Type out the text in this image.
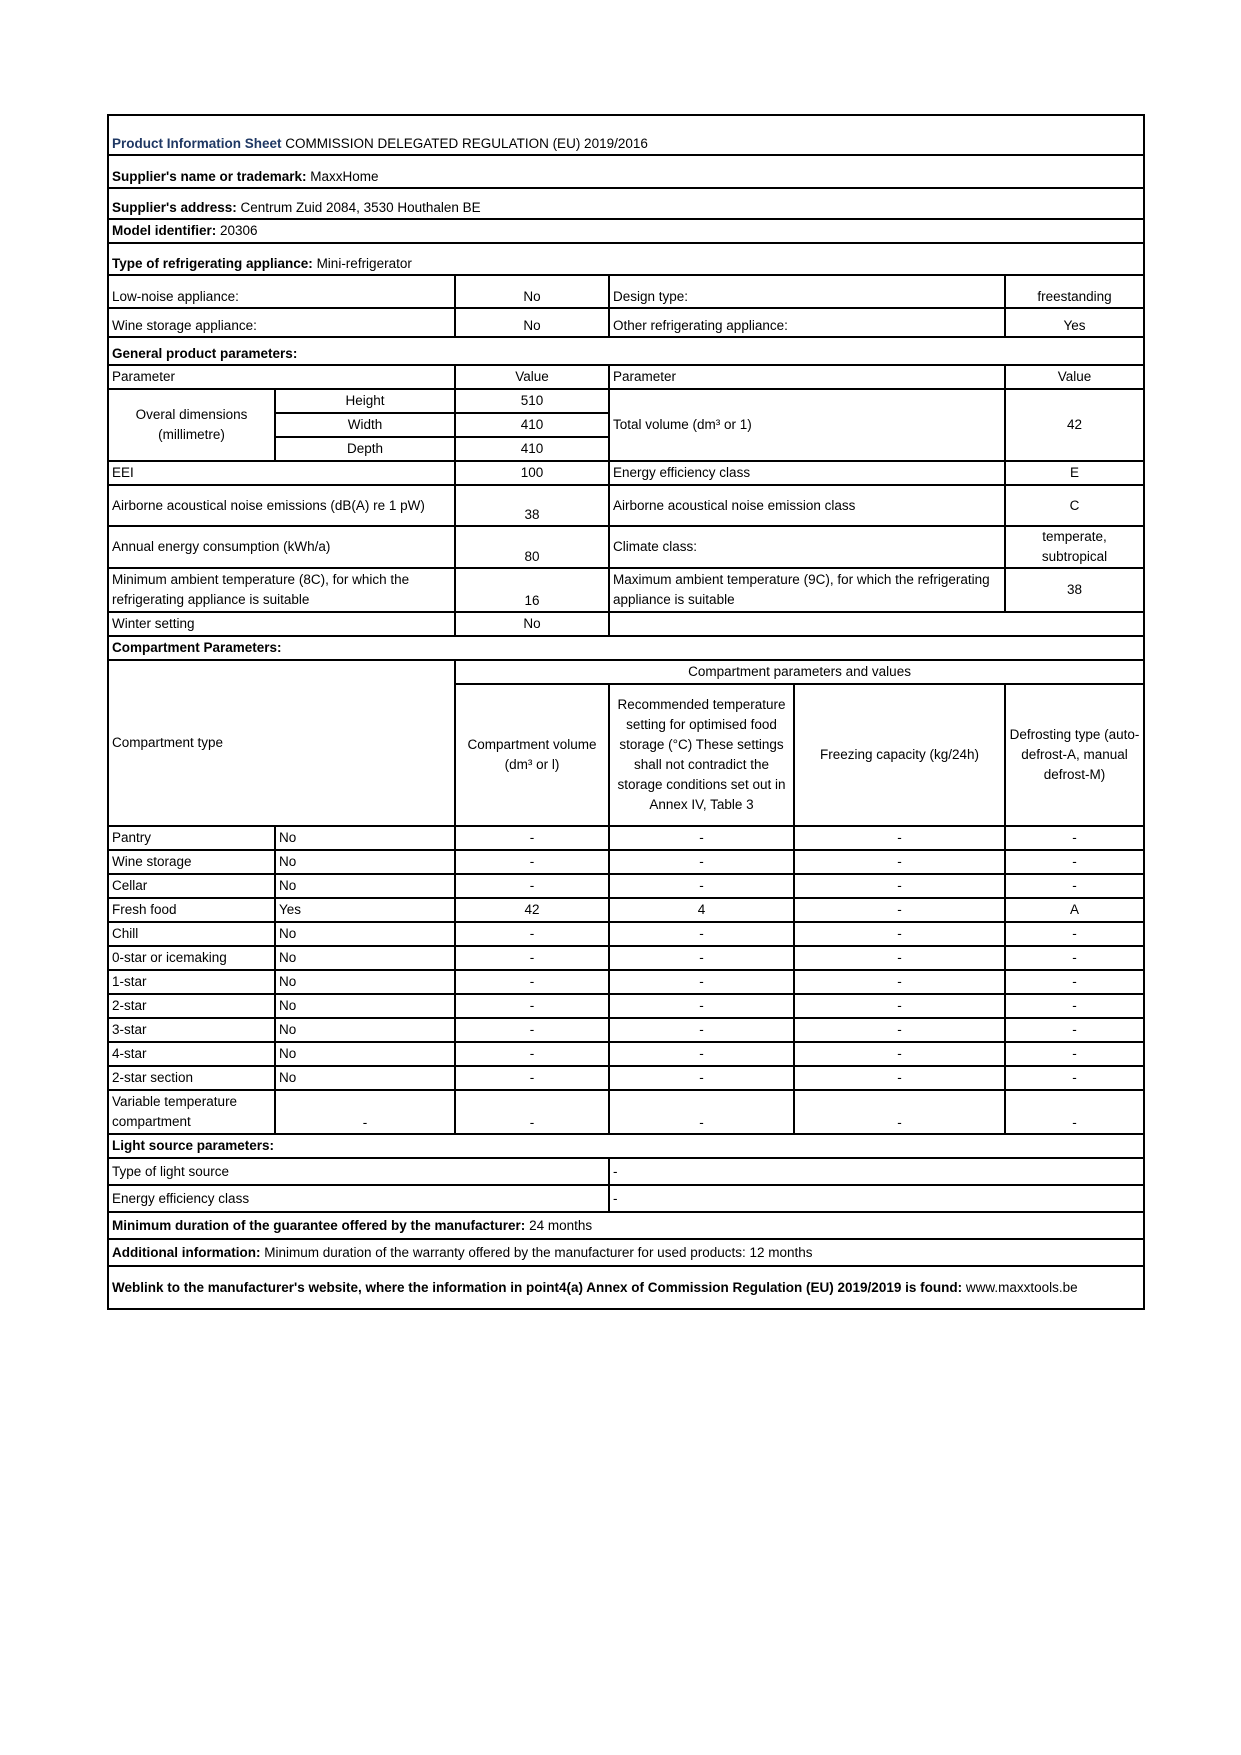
Product Information Sheet COMMISSION DELEGATED REGULATION (EU) 2019/2016					
Supplier's name or trademark: MaxxHome					
Supplier's address: Centrum Zuid 2084, 3530 Houthalen BE					
Model identifier: 20306					
Type of refrigerating appliance: Mini-refrigerator					
Low-noise appliance:		No	Design type:		freestanding
Wine storage appliance:		No	Other refrigerating appliance:		Yes
General product parameters:					
Parameter		Value	Parameter		Value
Overal dimensions (millimetre)	Height	510	Total volume (dm³ or 1)		42
	Width	410			
	Depth	410			
EEI		100	Energy efficiency class		E
Airborne acoustical noise emissions (dB(A) re 1 pW)		38	Airborne acoustical noise emission class		C
Annual energy consumption (kWh/a)		80	Climate class:		temperate, subtropical
Minimum ambient temperature (8C), for which the refrigerating appliance is suitable		16	Maximum ambient temperature (9C), for which the refrigerating appliance is suitable		38
Winter setting		No			
Compartment Parameters:					
Compartment type		Compartment parameters and values			
		Compartment volume (dm³ or l)	Recommended temperature setting for optimised food storage (°C) These settings shall not contradict the storage conditions set out in Annex IV, Table 3	Freezing capacity (kg/24h)	Defrosting type (auto-defrost-A, manual defrost-M)
Pantry	No	-	-	-	-
Wine storage	No	-	-	-	-
Cellar	No	-	-	-	-
Fresh food	Yes	42	4	-	A
Chill	No	-	-	-	-
0-star or icemaking	No	-	-	-	-
1-star	No	-	-	-	-
2-star	No	-	-	-	-
3-star	No	-	-	-	-
4-star	No	-	-	-	-
2-star section	No	-	-	-	-
Variable temperature compartment	-	-	-	-	-
Light source parameters:					
Type of light source			-		
Energy efficiency class			-		
Minimum duration of the guarantee offered by the manufacturer: 24 months					
Additional information: Minimum duration of the warranty offered by the manufacturer for used products: 12 months					
Weblink to the manufacturer's website, where the information in point4(a) Annex of Commission Regulation (EU) 2019/2019 is found: www.maxxtools.be					
